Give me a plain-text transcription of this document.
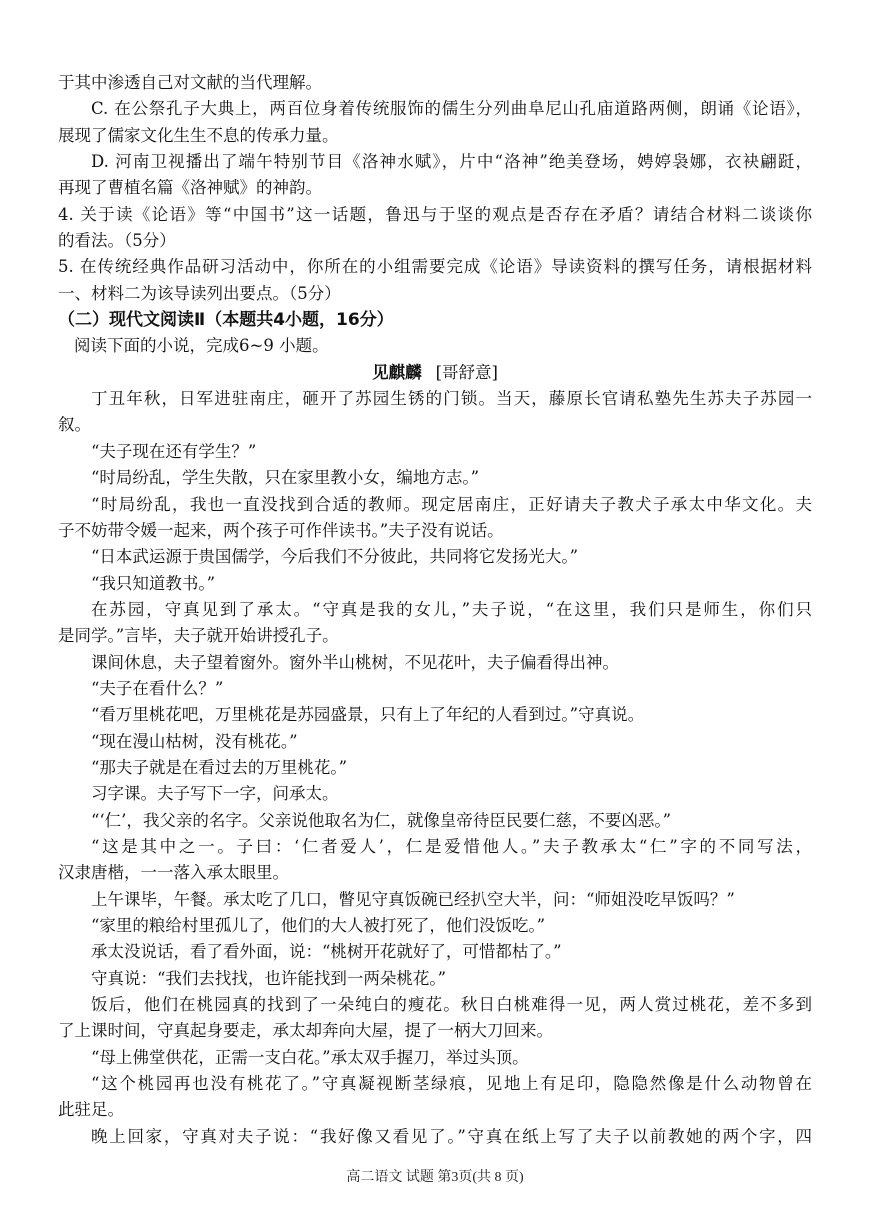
于其中渗透自己对文献的当代理解。
C. 在公祭孔子大典上，两百位身着传统服饰的儒生分列曲阜尼山孔庙道路两侧，朗诵《论语》，
展现了儒家文化生生不息的传承力量。
D. 河南卫视播出了端午特别节目《洛神水赋》，片中“洛神”绝美登场，娉婷袅娜，衣袂翩跹，
再现了曹植名篇《洛神赋》的神韵。
4. 关于读《论语》等“中国书”这一话题，鲁迅与于坚的观点是否存在矛盾？请结合材料二谈谈你
的看法。（5分）
5. 在传统经典作品研习活动中，你所在的小组需要完成《论语》导读资料的撰写任务，请根据材料
一、材料二为该导读列出要点。（5分）
（二）现代文阅读Ⅱ（本题共4小题，16分）
阅读下面的小说，完成6~9 小题。
见麒麟 [哥舒意]
丁丑年秋，日军进驻南庄，砸开了苏园生锈的门锁。当天，藤原长官请私塾先生苏夫子苏园一
叙。
“夫子现在还有学生？”
“时局纷乱，学生失散，只在家里教小女，编地方志。”
“时局纷乱，我也一直没找到合适的教师。现定居南庄，正好请夫子教犬子承太中华文化。夫
子不妨带令媛一起来，两个孩子可作伴读书。”夫子没有说话。
“日本武运源于贵国儒学，今后我们不分彼此，共同将它发扬光大。”
“我只知道教书。”
在苏园，守真见到了承太。“守真是我的女儿，”夫子说，“在这里，我们只是师生，你们只
是同学。”言毕，夫子就开始讲授孔子。
课间休息，夫子望着窗外。窗外半山桃树，不见花叶，夫子偏看得出神。
“夫子在看什么？”
“看万里桃花吧，万里桃花是苏园盛景，只有上了年纪的人看到过。”守真说。
“现在漫山枯树，没有桃花。”
“那夫子就是在看过去的万里桃花。”
习字课。夫子写下一字，问承太。
“‘仁’，我父亲的名字。父亲说他取名为仁，就像皇帝待臣民要仁慈，不要凶恶。”
“这是其中之一。子曰：‘仁者爱人’，仁是爱惜他人。”夫子教承太“仁”字的不同写法，
汉隶唐楷，一一落入承太眼里。
上午课毕，午餐。承太吃了几口，瞥见守真饭碗已经扒空大半，问：“师姐没吃早饭吗？”
“家里的粮给村里孤儿了，他们的大人被打死了，他们没饭吃。”
承太没说话，看了看外面，说：“桃树开花就好了，可惜都枯了。”
守真说：“我们去找找，也许能找到一两朵桃花。”
饭后，他们在桃园真的找到了一朵纯白的瘦花。秋日白桃难得一见，两人赏过桃花，差不多到
了上课时间，守真起身要走，承太却奔向大屋，提了一柄大刀回来。
“母上佛堂供花，正需一支白花。”承太双手握刀，举过头顶。
“这个桃园再也没有桃花了。”守真凝视断茎绿痕，见地上有足印，隐隐然像是什么动物曾在
此驻足。
晚上回家，守真对夫子说：“我好像又看见了。”守真在纸上写了夫子以前教她的两个字，四
高二语文 试题 第3页(共 8 页)
